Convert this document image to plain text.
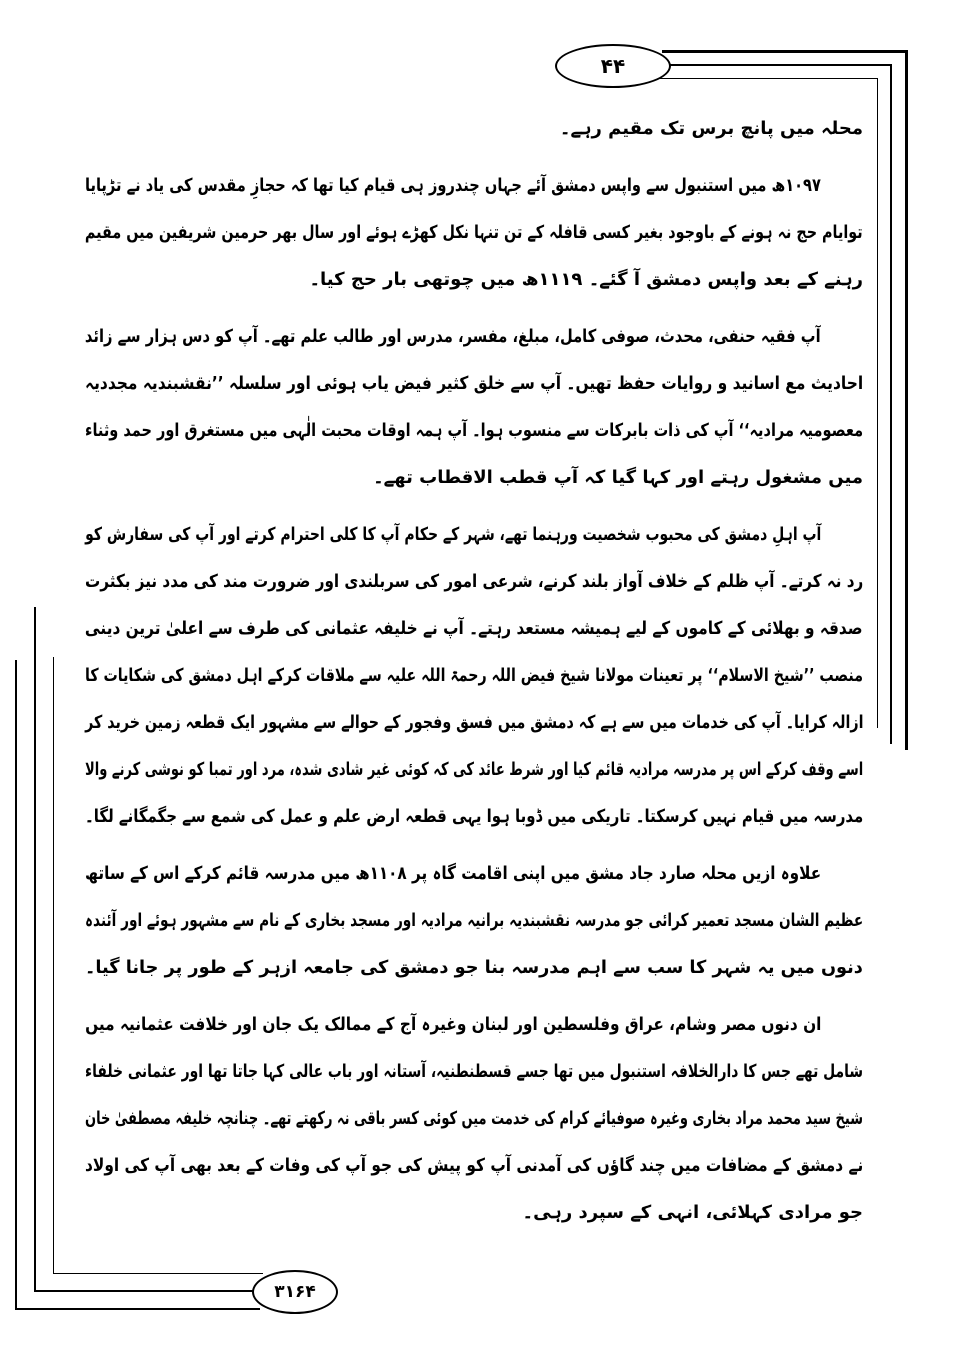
۴۴
۳۱۶۴
محلہ میں پانچ برس تک مقیم رہے۔
۱۰۹۷ھ میں استنبول سے واپس دمشق آئے جہاں چندروز ہی قیام کیا تھا کہ حجازِ مقدس کی یاد نے تڑپایا
توایام حج نہ ہونے کے باوجود بغیر کسی قافلہ کے تن تنہا نکل کھڑے ہوئے اور سال بھر حرمین شریفین میں مقیم
رہنے کے بعد واپس دمشق آ گئے۔ ۱۱۱۹ھ میں چوتھی بار حج کیا۔
آپ فقیہ حنفی، محدث، صوفی کامل، مبلغ، مفسر، مدرس اور طالب علم تھے۔ آپ کو دس ہزار سے زائد
احادیث مع اسانید و روایات حفظ تھیں۔ آپ سے خلق کثیر فیض یاب ہوئی اور سلسلہ ’’نقشبندیہ مجددیہ
معصومیہ مرادیہ‘‘ آپ کی ذات بابرکات سے منسوب ہوا۔ آپ ہمہ اوقات محبت الٰہی میں مستغرق اور حمد وثناء
میں مشغول رہتے اور کہا گیا کہ آپ قطب الاقطاب تھے۔
آپ اہلِ دمشق کی محبوب شخصیت ورہنما تھے، شہر کے حکام آپ کا کلی احترام کرتے اور آپ کی سفارش کو
رد نہ کرتے۔ آپ ظلم کے خلاف آواز بلند کرنے، شرعی امور کی سربلندی اور ضرورت مند کی مدد نیز بکثرت
صدقہ و بھلائی کے کاموں کے لیے ہمیشہ مستعد رہتے۔ آپ نے خلیفہ عثمانی کی طرف سے اعلیٰ ترین دینی
منصب ’’شیخ الاسلام‘‘ پر تعینات مولانا شیخ فیض اللہ رحمۃ اللہ علیہ سے ملاقات کرکے اہل دمشق کی شکایات کا
ازالہ کرایا۔ آپ کی خدمات میں سے ہے کہ دمشق میں فسق وفجور کے حوالے سے مشہور ایک قطعہ زمین خرید کر
اسے وقف کرکے اس پر مدرسہ مرادیہ قائم کیا اور شرط عائد کی کہ کوئی غیر شادی شدہ، مرد اور تمبا کو نوشی کرنے والا
مدرسہ میں قیام نہیں کرسکتا۔ تاریکی میں ڈوبا ہوا یہی قطعہ ارض علم و عمل کی شمع سے جگمگانے لگا۔
علاوہ ازیں محلہ صارد جاد مشق میں اپنی اقامت گاہ پر ۱۱۰۸ھ میں مدرسہ قائم کرکے اس کے ساتھ
عظیم الشان مسجد تعمیر کرائی جو مدرسہ نقشبندیہ برانیہ مرادیہ اور مسجد بخاری کے نام سے مشہور ہوئے اور آئندہ
دنوں میں یہ شہر کا سب سے اہم مدرسہ بنا جو دمشق کی جامعہ ازہر کے طور پر جانا گیا۔
ان دنوں مصر وشام، عراق وفلسطین اور لبنان وغیرہ آج کے ممالک یک جان اور خلافت عثمانیہ میں
شامل تھے جس کا دارالخلافہ استنبول میں تھا جسے قسطنطنیہ، آستانہ اور باب عالی کہا جاتا تھا اور عثمانی خلفاء
شیخ سید محمد مراد بخاری وغیرہ صوفیائے کرام کی خدمت میں کوئی کسر باقی نہ رکھتے تھے۔ چنانچہ خلیفہ مصطفیٰ خان
نے دمشق کے مضافات میں چند گاؤں کی آمدنی آپ کو پیش کی جو آپ کی وفات کے بعد بھی آپ کی اولاد
جو مرادی کہلائی، انہی کے سپرد رہی۔
